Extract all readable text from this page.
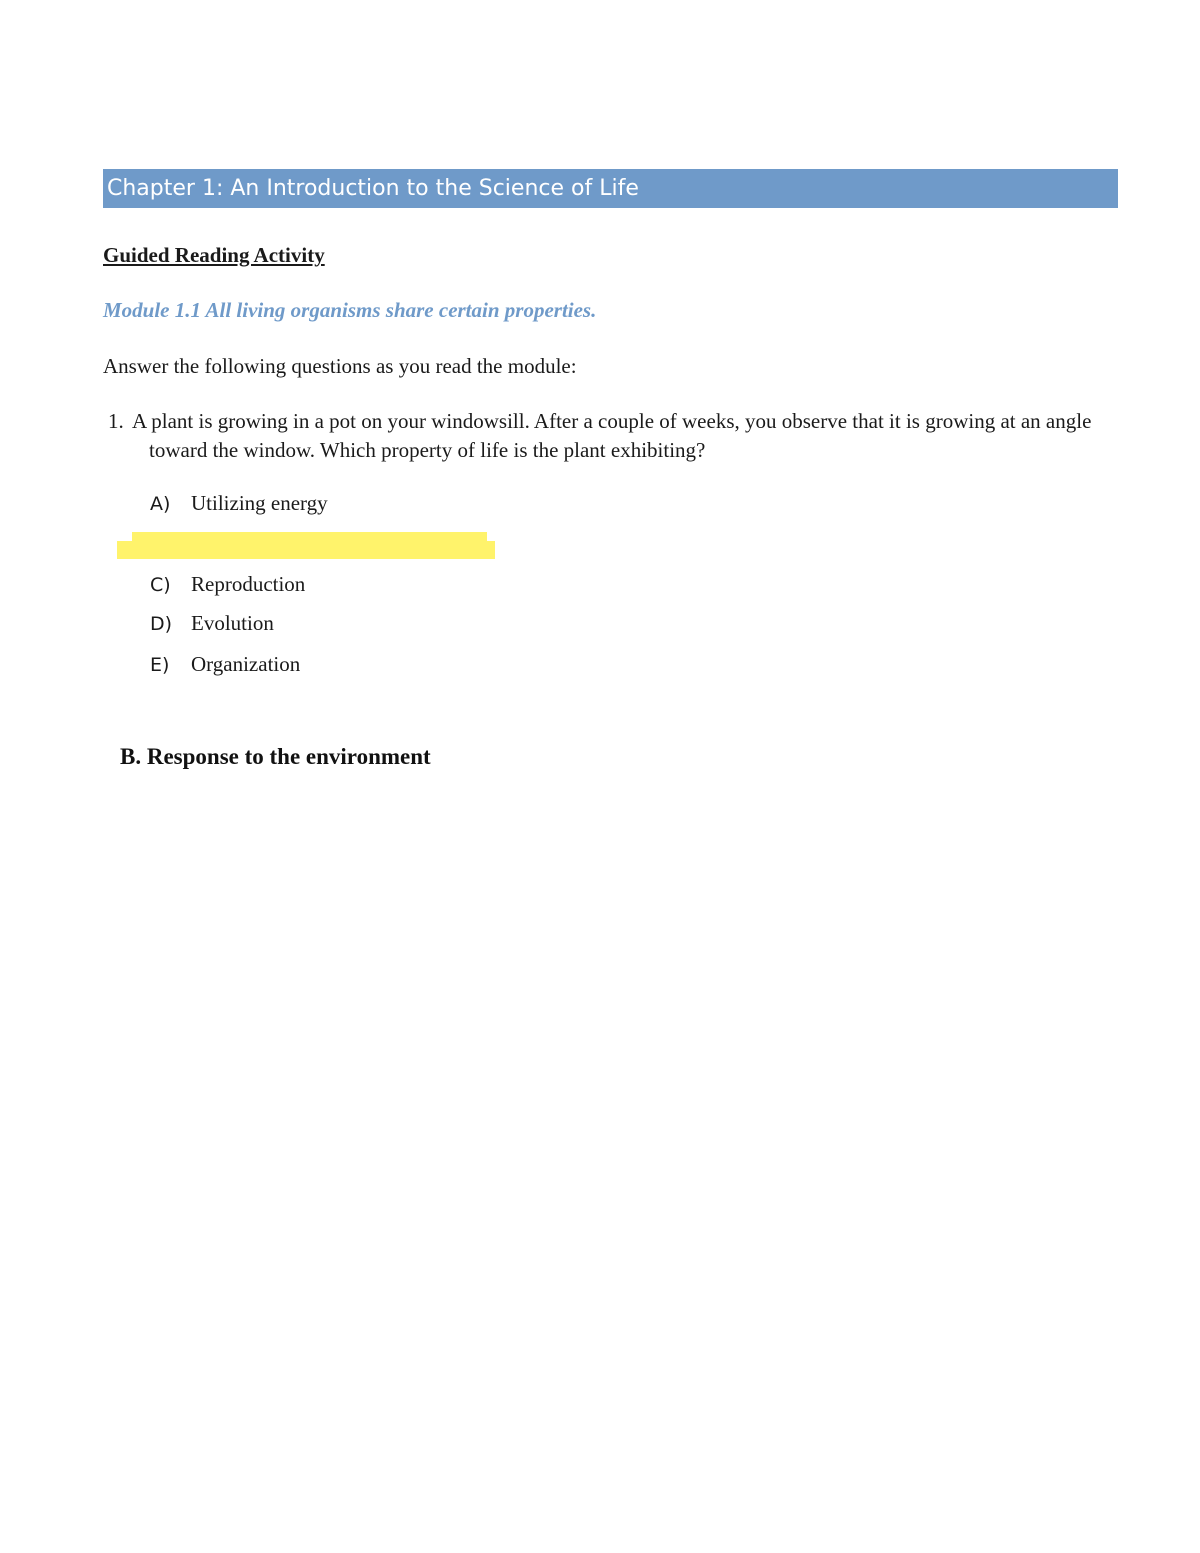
Chapter 1: An Introduction to the Science of Life
Guided Reading Activity
Module 1.1 All living organisms share certain properties.
Answer the following questions as you read the module:
1. A plant is growing in a pot on your windowsill. After a couple of weeks, you observe that it is growing at an angle toward the window. Which property of life is the plant exhibiting?
A) Utilizing energy
C) Reproduction
D) Evolution
E) Organization
B. Response to the environment
